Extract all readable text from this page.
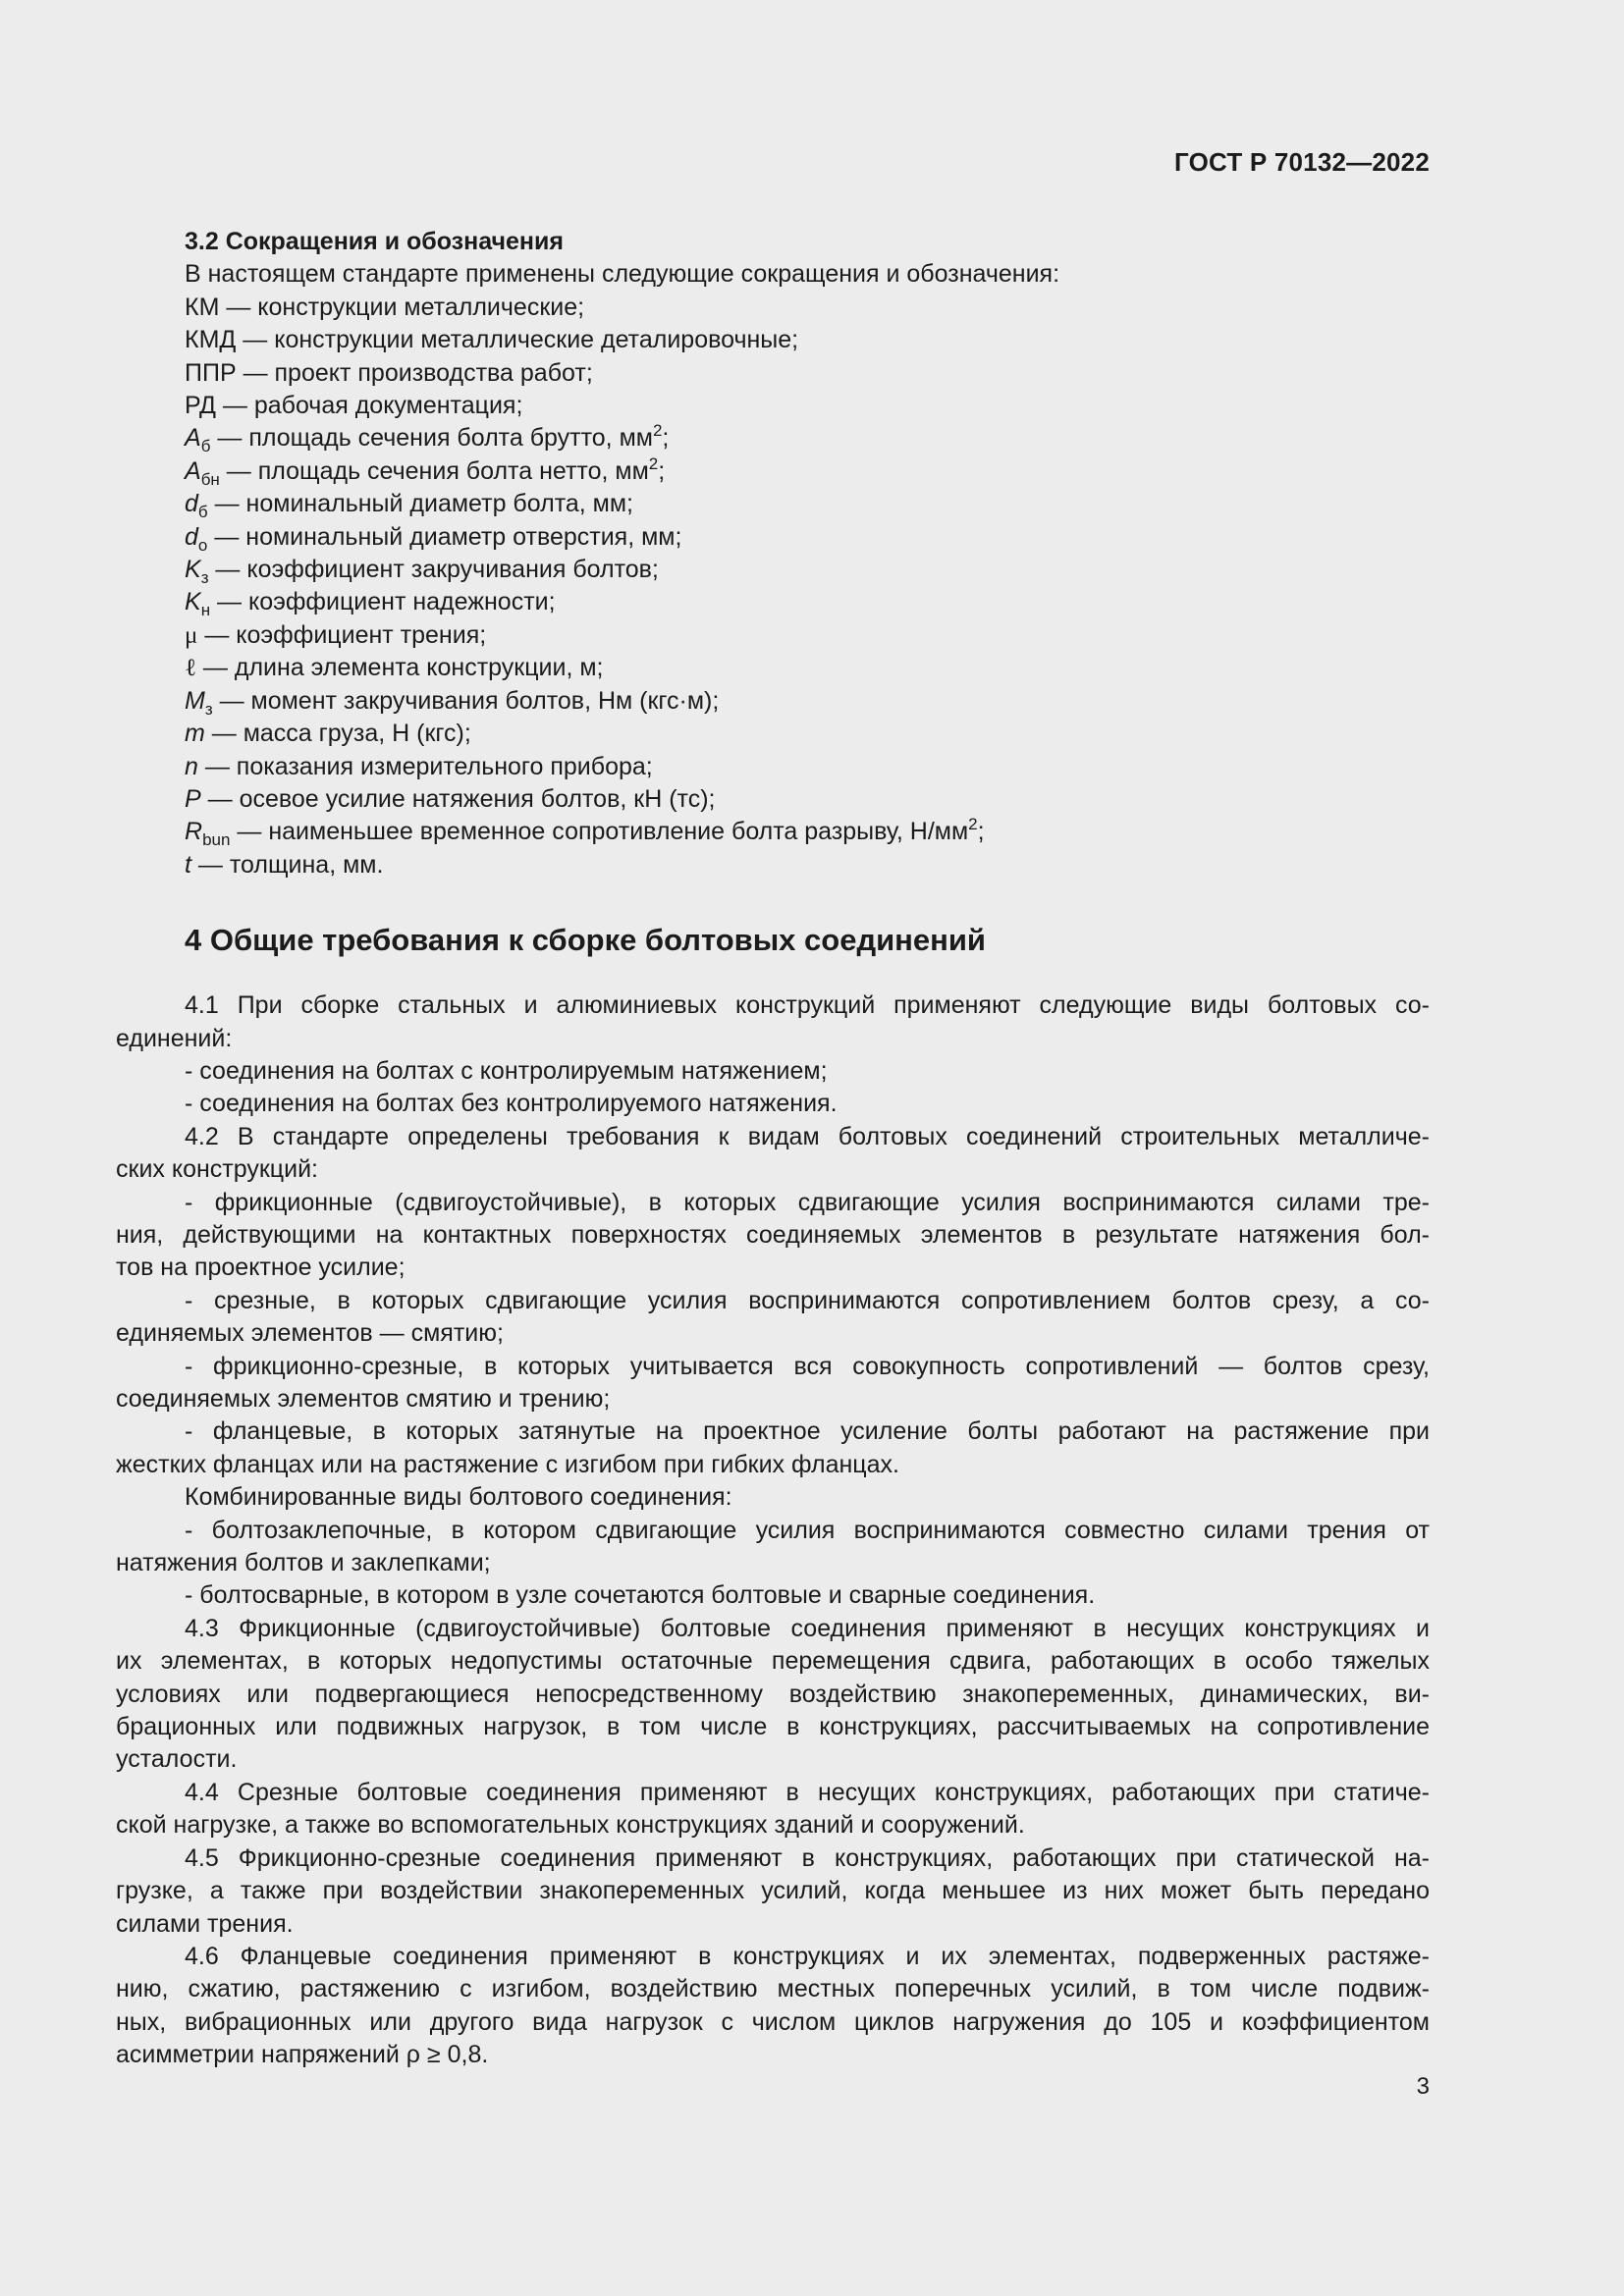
ГОСТ Р 70132—2022
3.2 Сокращения и обозначения
В настоящем стандарте применены следующие сокращения и обозначения:
КМ — конструкции металлические;
КМД — конструкции металлические деталировочные;
ППР — проект производства работ;
РД — рабочая документация;
$A_б$ — площадь сечения болта брутто, $мм^2$;
$A_{бн}$ — площадь сечения болта нетто, $мм^2$;
$d_б$ — номинальный диаметр болта, мм;
$d_о$ — номинальный диаметр отверстия, мм;
$K_з$ — коэффициент закручивания болтов;
$K_н$ — коэффициент надежности;
μ — коэффициент трения;
ℓ — длина элемента конструкции, м;
$M_з$ — момент закручивания болтов, Нм (кгс·м);
m — масса груза, Н (кгс);
n — показания измерительного прибора;
P — осевое усилие натяжения болтов, кН (тс);
$R_{bun}$ — наименьшее временное сопротивление болта разрыву, $Н/мм^2$;
t — толщина, мм.
4 Общие требования к сборке болтовых соединений

4.1 При сборке стальных и алюминиевых конструкций применяют следующие виды болтовых со-
единений:

- соединения на болтах с контролируемым натяжением;

- соединения на болтах без контролируемого натяжения.

4.2 В стандарте определены требования к видам болтовых соединений строительных металличе-
ских конструкций:

- фрикционные (сдвигоустойчивые), в которых сдвигающие усилия воспринимаются силами тре-
ния, действующими на контактных поверхностях соединяемых элементов в результате натяжения бол-
тов на проектное усилие;

- срезные, в которых сдвигающие усилия воспринимаются сопротивлением болтов срезу, а со-
единяемых элементов — смятию;

- фрикционно-срезные, в которых учитывается вся совокупность сопротивлений — болтов срезу,
соединяемых элементов смятию и трению;

- фланцевые, в которых затянутые на проектное усиление болты работают на растяжение при
жестких фланцах или на растяжение с изгибом при гибких фланцах.

Комбинированные виды болтового соединения:

- болтозаклепочные, в котором сдвигающие усилия воспринимаются совместно силами трения от
натяжения болтов и заклепками;

- болтосварные, в котором в узле сочетаются болтовые и сварные соединения.

4.3 Фрикционные (сдвигоустойчивые) болтовые соединения применяют в несущих конструкциях и
их элементах, в которых недопустимы остаточные перемещения сдвига, работающих в особо тяжелых
условиях или подвергающиеся непосредственному воздействию знакопеременных, динамических, ви-
брационных или подвижных нагрузок, в том числе в конструкциях, рассчитываемых на сопротивление
усталости.

4.4 Срезные болтовые соединения применяют в несущих конструкциях, работающих при статиче-
ской нагрузке, а также во вспомогательных конструкциях зданий и сооружений.

4.5 Фрикционно-срезные соединения применяют в конструкциях, работающих при статической на-
грузке, а также при воздействии знакопеременных усилий, когда меньшее из них может быть передано
силами трения.

4.6 Фланцевые соединения применяют в конструкциях и их элементах, подверженных растяже-
нию, сжатию, растяжению с изгибом, воздействию местных поперечных усилий, в том числе подвиж-
ных, вибрационных или другого вида нагрузок с числом циклов нагружения до 105 и коэффициентом
асимметрии напряжений ρ ≥ 0,8.

3
